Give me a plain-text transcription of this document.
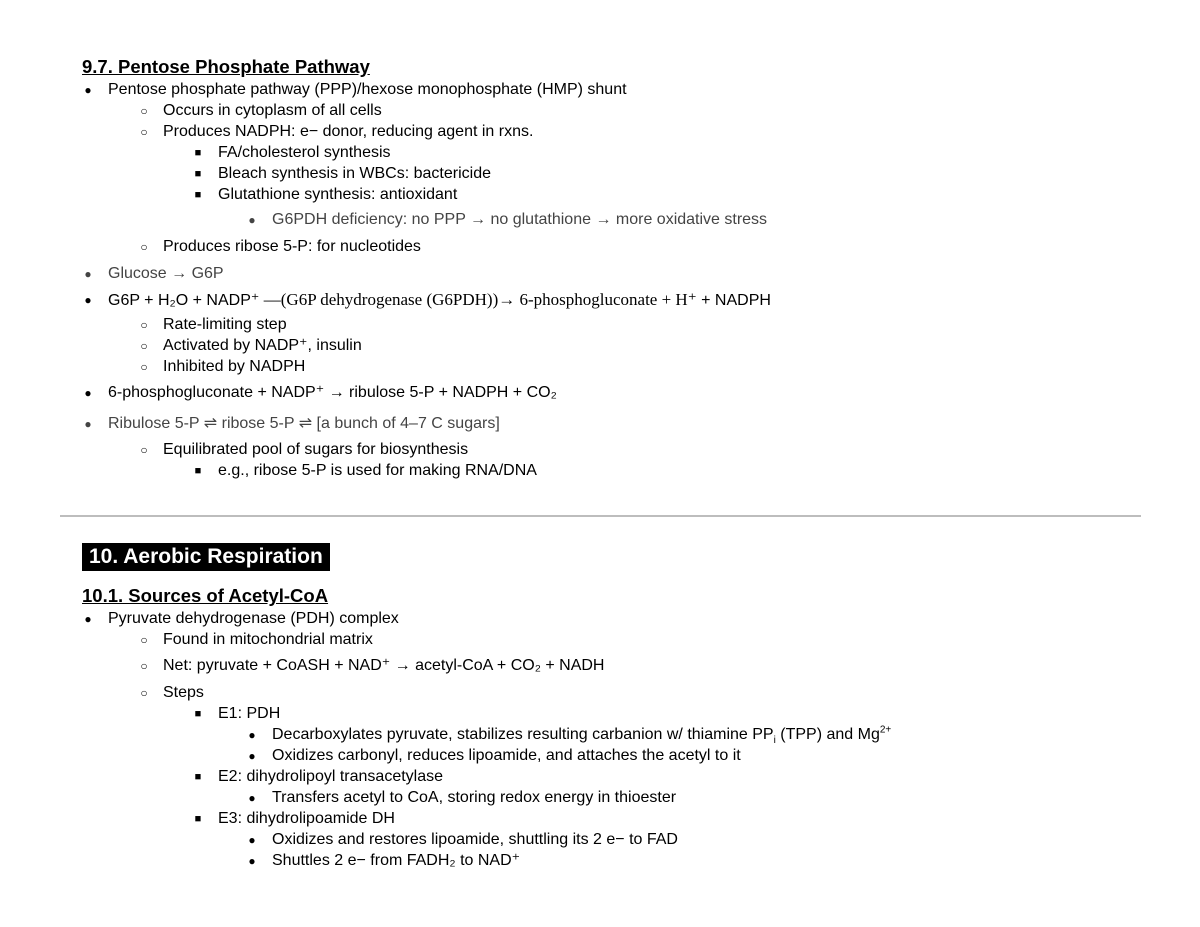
9.7. Pentose Phosphate Pathway
● Pentose phosphate pathway (PPP)/hexose monophosphate (HMP) shunt
○ Occurs in cytoplasm of all cells
○ Produces NADPH: e− donor, reducing agent in rxns.
■ FA/cholesterol synthesis
■ Bleach synthesis in WBCs: bactericide
■ Glutathione synthesis: antioxidant
● G6PDH deficiency: no PPP → no glutathione → more oxidative stress
○ Produces ribose 5-P: for nucleotides
● Glucose → G6P
● G6P + H₂O + NADP⁺ —(G6P dehydrogenase (G6PDH))→ 6-phosphogluconate + H⁺ + NADPH
○ Rate-limiting step
○ Activated by NADP⁺, insulin
○ Inhibited by NADPH
● 6-phosphogluconate + NADP⁺ → ribulose 5-P + NADPH + CO₂
● Ribulose 5-P ⇌ ribose 5-P ⇌ [a bunch of 4–7 C sugars]
○ Equilibrated pool of sugars for biosynthesis
■ e.g., ribose 5-P is used for making RNA/DNA
10. Aerobic Respiration
10.1. Sources of Acetyl-CoA
● Pyruvate dehydrogenase (PDH) complex
○ Found in mitochondrial matrix
○ Net: pyruvate + CoASH + NAD⁺ → acetyl-CoA + CO₂ + NADH
○ Steps
■ E1: PDH
● Decarboxylates pyruvate, stabilizes resulting carbanion w/ thiamine $PP_i$ (TPP) and $Mg^{2+}$
● Oxidizes carbonyl, reduces lipoamide, and attaches the acetyl to it
■ E2: dihydrolipoyl transacetylase
● Transfers acetyl to CoA, storing redox energy in thioester
■ E3: dihydrolipoamide DH
● Oxidizes and restores lipoamide, shuttling its 2 e− to FAD
● Shuttles 2 e− from FADH₂ to NAD⁺
